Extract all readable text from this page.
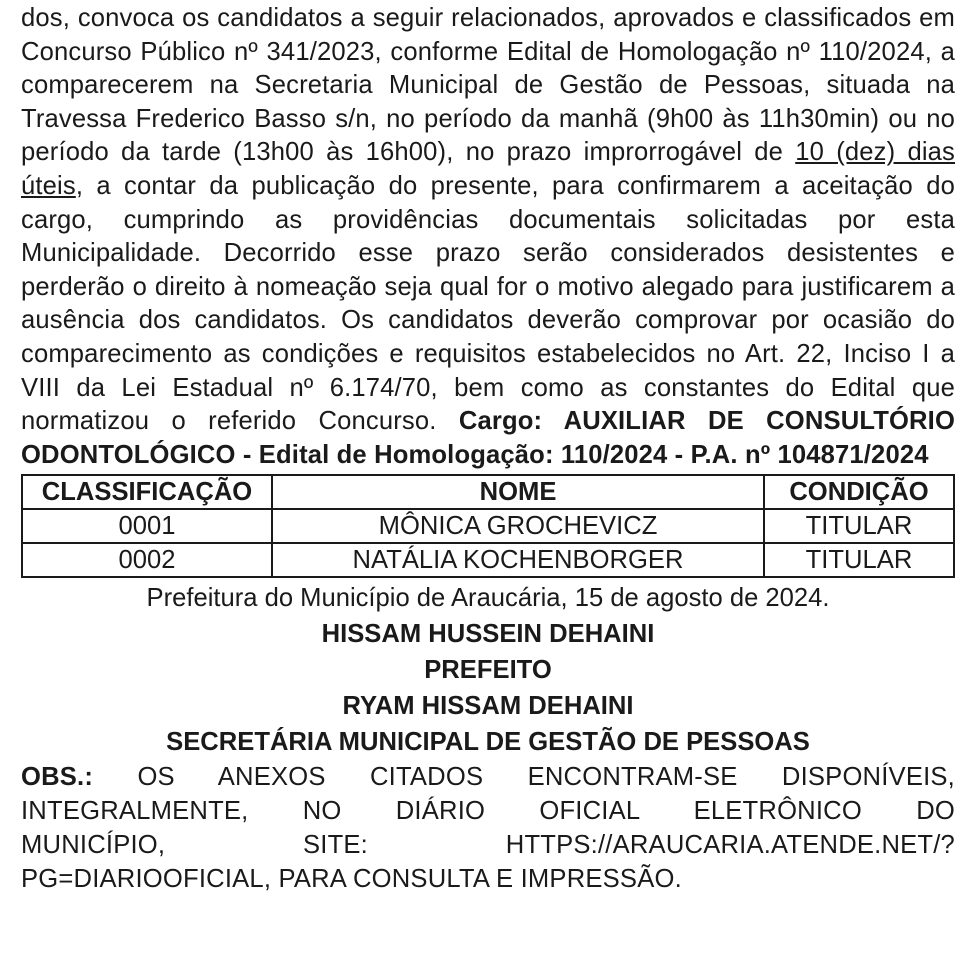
dos, convoca os candidatos a seguir relacionados, aprovados e classificados em Concurso Público nº 341/2023, conforme Edital de Homologação nº 110/2024, a comparecerem na Secretaria Municipal de Gestão de Pessoas, situada na Travessa Frederico Basso s/n, no período da manhã (9h00 às 11h30min) ou no período da tarde (13h00 às 16h00), no prazo improrrogável de 10 (dez) dias úteis, a contar da publicação do presente, para confirmarem a aceitação do cargo, cumprindo as providências documentais solicitadas por esta Municipalidade. Decorrido esse prazo serão considerados desistentes e perderão o direito à nomeação seja qual for o motivo alegado para justificarem a ausência dos candidatos. Os candidatos deverão comprovar por ocasião do comparecimento as condições e requisitos estabelecidos no Art. 22, Inciso I a VIII da Lei Estadual nº 6.174/70, bem como as constantes do Edital que normatizou o referido Concurso. Cargo: AUXILIAR DE CONSULTÓRIO ODONTOLÓGICO - Edital de Homologação: 110/2024 - P.A. nº 104871/2024

CLASSIFICAÇÃO	NOME	CONDIÇÃO
0001	MÔNICA GROCHEVICZ	TITULAR
0002	NATÁLIA KOCHENBORGER	TITULAR

Prefeitura do Município de Araucária, 15 de agosto de 2024.

HISSAM HUSSEIN DEHAINI

PREFEITO

RYAM HISSAM DEHAINI

SECRETÁRIA MUNICIPAL DE GESTÃO DE PESSOAS

OBS.: OS ANEXOS CITADOS ENCONTRAM-SE DISPONÍVEIS,
INTEGRALMENTE, NO DIÁRIO OFICIAL ELETRÔNICO DO
MUNICÍPIO, SITE: HTTPS://ARAUCARIA.ATENDE.NET/?
PG=DIARIOOFICIAL, PARA CONSULTA E IMPRESSÃO.
